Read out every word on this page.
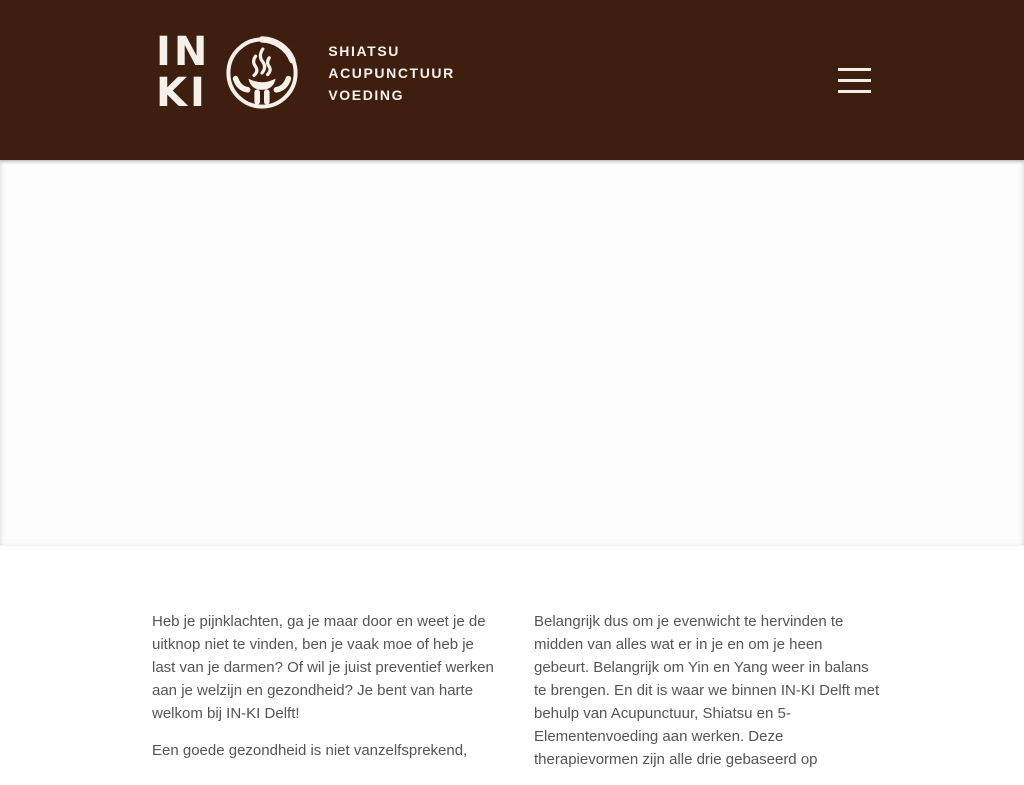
IN
KI
SHIATSU
ACUPUNCTUUR
VOEDING

Heb je pijnklachten, ga je maar door en weet je de uitknop niet te vinden, ben je vaak moe of heb je last van je darmen? Of wil je juist preventief werken aan je welzijn en gezondheid? Je bent van harte welkom bij IN-KI Delft!

Een goede gezondheid is niet vanzelfsprekend,

Belangrijk dus om je evenwicht te hervinden te midden van alles wat er in je en om je heen gebeurt. Belangrijk om Yin en Yang weer in balans te brengen. En dit is waar we binnen IN-KI Delft met behulp van Acupunctuur, Shiatsu en 5-Elementenvoeding aan werken. Deze therapievormen zijn alle drie gebaseerd op
